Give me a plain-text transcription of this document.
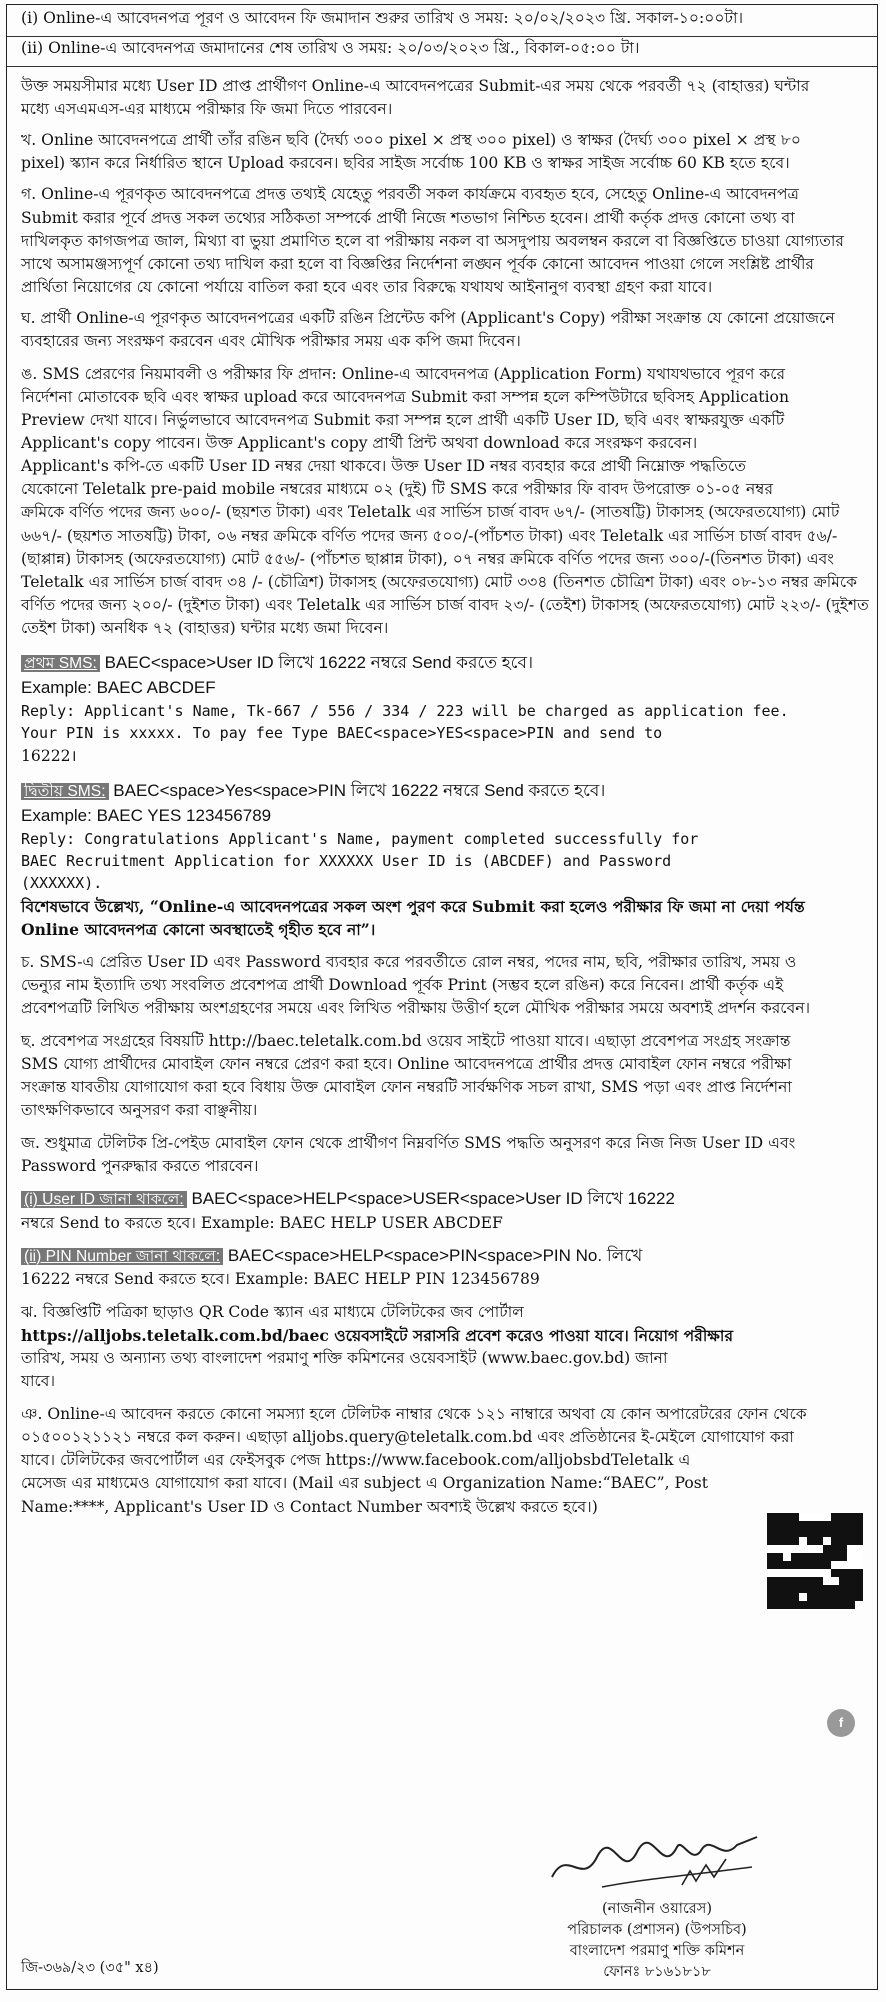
(i) Online-এ আবেদনপত্র পূরণ ও আবেদন ফি জমাদান শুরুর তারিখ ও সময়: ২০/০২/২০২৩ খ্রি. সকাল-১০:০০টা।
(ii) Online-এ আবেদনপত্র জমাদানের শেষ তারিখ ও সময়: ২০/০৩/২০২৩ খ্রি., বিকাল-০৫:০০ টা।
উক্ত সময়সীমার মধ্যে User ID প্রাপ্ত প্রার্থীগণ Online-এ আবেদনপত্রের Submit-এর সময় থেকে পরবর্তী ৭২ (বাহাত্তর) ঘন্টার
মধ্যে এসএমএস-এর মাধ্যমে পরীক্ষার ফি জমা দিতে পারবেন।
খ. Online আবেদনপত্রে প্রার্থী তাঁর রঙিন ছবি (দৈর্ঘ্য ৩০০ pixel × প্রস্থ ৩০০ pixel) ও স্বাক্ষর (দৈর্ঘ্য ৩০০ pixel × প্রস্থ ৮০
pixel) স্ক্যান করে নির্ধারিত স্থানে Upload করবেন। ছবির সাইজ সর্বোচ্চ 100 KB ও স্বাক্ষর সাইজ সর্বোচ্চ 60 KB হতে হবে।
গ. Online-এ পূরণকৃত আবেদনপত্রে প্রদত্ত তথ্যই যেহেতু পরবর্তী সকল কার্যক্রমে ব্যবহৃত হবে, সেহেতু Online-এ আবেদনপত্র
Submit করার পূর্বে প্রদত্ত সকল তথ্যের সঠিকতা সম্পর্কে প্রার্থী নিজে শতভাগ নিশ্চিত হবেন। প্রার্থী কর্তৃক প্রদত্ত কোনো তথ্য বা
দাখিলকৃত কাগজপত্র জাল, মিথ্যা বা ভুয়া প্রমাণিত হলে বা পরীক্ষায় নকল বা অসদুপায় অবলম্বন করলে বা বিজ্ঞপ্তিতে চাওয়া যোগ্যতার
সাথে অসামঞ্জস্যপূর্ণ কোনো তথ্য দাখিল করা হলে বা বিজ্ঞপ্তির নির্দেশনা লঙ্ঘন পূর্বক কোনো আবেদন পাওয়া গেলে সংশ্লিষ্ট প্রার্থীর
প্রার্থিতা নিয়োগের যে কোনো পর্যায়ে বাতিল করা হবে এবং তার বিরুদ্ধে যথাযথ আইনানুগ ব্যবস্থা গ্রহণ করা যাবে।
ঘ. প্রার্থী Online-এ পূরণকৃত আবেদনপত্রের একটি রঙিন প্রিন্টেড কপি (Applicant's Copy) পরীক্ষা সংক্রান্ত যে কোনো প্রয়োজনে
ব্যবহারের জন্য সংরক্ষণ করবেন এবং মৌখিক পরীক্ষার সময় এক কপি জমা দিবেন।
ঙ. SMS প্রেরণের নিয়মাবলী ও পরীক্ষার ফি প্রদান: Online-এ আবেদনপত্র (Application Form) যথাযথভাবে পূরণ করে
নির্দেশনা মোতাবেক ছবি এবং স্বাক্ষর upload করে আবেদনপত্র Submit করা সম্পন্ন হলে কম্পিউটারে ছবিসহ Application
Preview দেখা যাবে। নির্ভুলভাবে আবেদনপত্র Submit করা সম্পন্ন হলে প্রার্থী একটি User ID, ছবি এবং স্বাক্ষরযুক্ত একটি
Applicant's copy পাবেন। উক্ত Applicant's copy প্রার্থী প্রিন্ট অথবা download করে সংরক্ষণ করবেন।
Applicant's কপি-তে একটি User ID নম্বর দেয়া থাকবে। উক্ত User ID নম্বর ব্যবহার করে প্রার্থী নিম্নোক্ত পদ্ধতিতে
যেকোনো Teletalk pre-paid mobile নম্বরের মাধ্যমে ০২ (দুই) টি SMS করে পরীক্ষার ফি বাবদ উপরোক্ত ০১-০৫ নম্বর
ক্রমিকে বর্ণিত পদের জন্য ৬০০/- (ছয়শত টাকা) এবং Teletalk এর সার্ভিস চার্জ বাবদ ৬৭/- (সাতষট্টি) টাকাসহ (অফেরতযোগ্য) মোট
৬৬৭/- (ছয়শত সাতষট্টি) টাকা, ০৬ নম্বর ক্রমিকে বর্ণিত পদের জন্য ৫০০/-(পাঁচশত টাকা) এবং Teletalk এর সার্ভিস চার্জ বাবদ ৫৬/-
(ছাপ্পান্ন) টাকাসহ (অফেরতযোগ্য) মোট ৫৫৬/- (পাঁচশত ছাপ্পান্ন টাকা), ০৭ নম্বর ক্রমিকে বর্ণিত পদের জন্য ৩০০/-(তিনশত টাকা) এবং
Teletalk এর সার্ভিস চার্জ বাবদ ৩৪ /- (চৌত্রিশ) টাকাসহ (অফেরতযোগ্য) মোট ৩৩৪ (তিনশত চৌত্রিশ টাকা) এবং ০৮-১৩ নম্বর ক্রমিকে
বর্ণিত পদের জন্য ২০০/- (দুইশত টাকা) এবং Teletalk এর সার্ভিস চার্জ বাবদ ২৩/- (তেইশ) টাকাসহ (অফেরতযোগ্য) মোট ২২৩/- (দুইশত
তেইশ টাকা) অনধিক ৭২ (বাহাত্তর) ঘন্টার মধ্যে জমা দিবেন।
প্রথম SMS: BAEC<space>User ID লিখে 16222 নম্বরে Send করতে হবে।
Example: BAEC ABCDEF
Reply: Applicant's Name, Tk-667 / 556 / 334 / 223 will be charged as application fee.
Your PIN is xxxxx. To pay fee Type BAEC<space>YES<space>PIN and send to
16222।
দ্বিতীয় SMS: BAEC<space>Yes<space>PIN লিখে 16222 নম্বরে Send করতে হবে।
Example: BAEC YES 123456789
Reply: Congratulations Applicant's Name, payment completed successfully for
BAEC Recruitment Application for XXXXXX User ID is (ABCDEF) and Password
(XXXXXX).
বিশেষভাবে উল্লেখ্য, “Online-এ আবেদনপত্রের সকল অংশ পুরণ করে Submit করা হলেও পরীক্ষার ফি জমা না দেয়া পর্যন্ত
Online আবেদনপত্র কোনো অবস্থাতেই গৃহীত হবে না”।
চ. SMS-এ প্রেরিত User ID এবং Password ব্যবহার করে পরবর্তীতে রোল নম্বর, পদের নাম, ছবি, পরীক্ষার তারিখ, সময় ও
ভেন্যুর নাম ইত্যাদি তথ্য সংবলিত প্রবেশপত্র প্রার্থী Download পূর্বক Print (সম্ভব হলে রঙিন) করে নিবেন। প্রার্থী কর্তৃক এই
প্রবেশপত্রটি লিখিত পরীক্ষায় অংশগ্রহণের সময়ে এবং লিখিত পরীক্ষায় উত্তীর্ণ হলে মৌখিক পরীক্ষার সময়ে অবশ্যই প্রদর্শন করবেন।
ছ. প্রবেশপত্র সংগ্রহের বিষয়টি http://baec.teletalk.com.bd ওয়েব সাইটে পাওয়া যাবে। এছাড়া প্রবেশপত্র সংগ্রহ সংক্রান্ত
SMS যোগ্য প্রার্থীদের মোবাইল ফোন নম্বরে প্রেরণ করা হবে। Online আবেদনপত্রে প্রার্থীর প্রদত্ত মোবাইল ফোন নম্বরে পরীক্ষা
সংক্রান্ত যাবতীয় যোগাযোগ করা হবে বিধায় উক্ত মোবাইল ফোন নম্বরটি সার্বক্ষণিক সচল রাখা, SMS পড়া এবং প্রাপ্ত নির্দেশনা
তাৎক্ষণিকভাবে অনুসরণ করা বাঞ্ছনীয়।
জ. শুধুমাত্র টেলিটক প্রি-পেইড মোবাইল ফোন থেকে প্রার্থীগণ নিম্নবর্ণিত SMS পদ্ধতি অনুসরণ করে নিজ নিজ User ID এবং
Password পুনরুদ্ধার করতে পারবেন।
(i) User ID জানা থাকলে: BAEC<space>HELP<space>USER<space>User ID লিখে 16222
নম্বরে Send to করতে হবে। Example: BAEC HELP USER ABCDEF
(ii) PIN Number জানা থাকলে: BAEC<space>HELP<space>PIN<space>PIN No. লিখে
16222 নম্বরে Send করতে হবে। Example: BAEC HELP PIN 123456789
ঝ. বিজ্ঞপ্তিটি পত্রিকা ছাড়াও QR Code স্ক্যান এর মাধ্যমে টেলিটকের জব পোর্টাল
https://alljobs.teletalk.com.bd/baec ওয়েবসাইটে সরাসরি প্রবেশ করেও পাওয়া যাবে। নিয়োগ পরীক্ষার
তারিখ, সময় ও অন্যান্য তথ্য বাংলাদেশ পরমাণু শক্তি কমিশনের ওয়েবসাইট (www.baec.gov.bd) জানা
যাবে।
ঞ. Online-এ আবেদন করতে কোনো সমস্যা হলে টেলিটক নাম্বার থেকে ১২১ নাম্বারে অথবা যে কোন অপারেটরের ফোন থেকে
০১৫০০১২১১২১ নম্বরে কল করুন। এছাড়া alljobs.query@teletalk.com.bd এবং প্রতিষ্ঠানের ই-মেইলে যোগাযোগ করা
যাবে। টেলিটকের জবপোর্টাল এর ফেইসবুক পেজ https://www.facebook.com/alljobsbdTeletalk এ
মেসেজ এর মাধ্যমেও যোগাযোগ করা যাবে। (Mail এর subject এ Organization Name:“BAEC”, Post
Name:****, Applicant's User ID ও Contact Number অবশ্যই উল্লেখ করতে হবে।)
f
(নাজনীন ওয়ারেস)
পরিচালক (প্রশাসন) (উপসচিব)
বাংলাদেশ পরমাণু শক্তি কমিশন
ফোনঃ ৮১৬১৮১৮
জি-৩৬৯/২৩ (৩৫" x৪)
